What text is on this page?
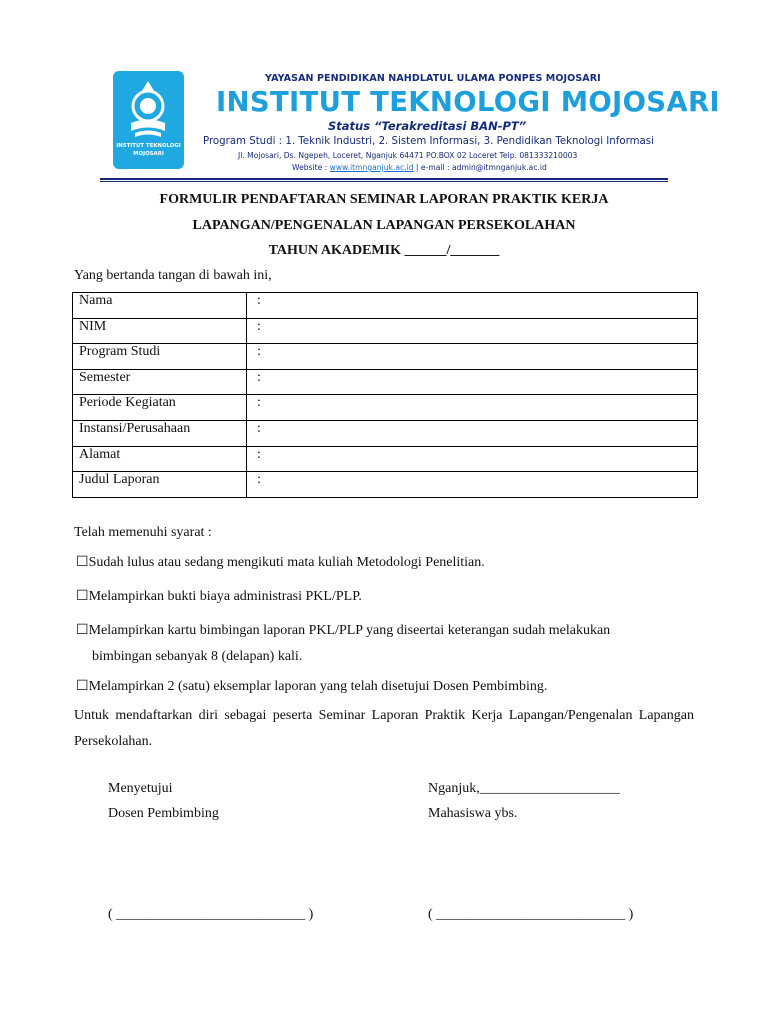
INSTITUT TEKNOLOGI
MOJOSARI
YAYASAN PENDIDIKAN NAHDLATUL ULAMA PONPES MOJOSARI
INSTITUT TEKNOLOGI MOJOSARI
Status “Terakreditasi BAN-PT”
Program Studi : 1. Teknik Industri, 2. Sistem Informasi, 3. Pendidikan Teknologi Informasi
Jl. Mojosari, Ds. Ngepeh, Loceret, Nganjuk 64471 PO.BOX 02 Loceret Telp. 081333210003
Website : www.itmnganjuk.ac.id | e-mail : admin@itmnganjuk.ac.id
FORMULIR PENDAFTARAN SEMINAR LAPORAN PRAKTIK KERJA
LAPANGAN/PENGENALAN LAPANGAN PERSEKOLAHAN
TAHUN AKADEMIK ______/_______
Yang bertanda tangan di bawah ini,
Nama	:
NIM	:
Program Studi	:
Semester	:
Periode Kegiatan	:
Instansi/Perusahaan	:
Alamat	:
Judul Laporan	:
Telah memenuhi syarat :
☐Sudah lulus atau sedang mengikuti mata kuliah Metodologi Penelitian.
☐Melampirkan bukti biaya administrasi PKL/PLP.
☐Melampirkan kartu bimbingan laporan PKL/PLP yang diseertai keterangan sudah melakukan
bimbingan sebanyak 8 (delapan) kali.
☐Melampirkan 2 (satu) eksemplar laporan yang telah disetujui Dosen Pembimbing.
Untuk mendaftarkan diri sebagai peserta Seminar Laporan Praktik Kerja Lapangan/Pengenalan Lapangan Persekolahan.
Menyetujui
Dosen Pembimbing
Nganjuk,____________________
Mahasiswa ybs.
( ___________________________ )	( ___________________________ )
